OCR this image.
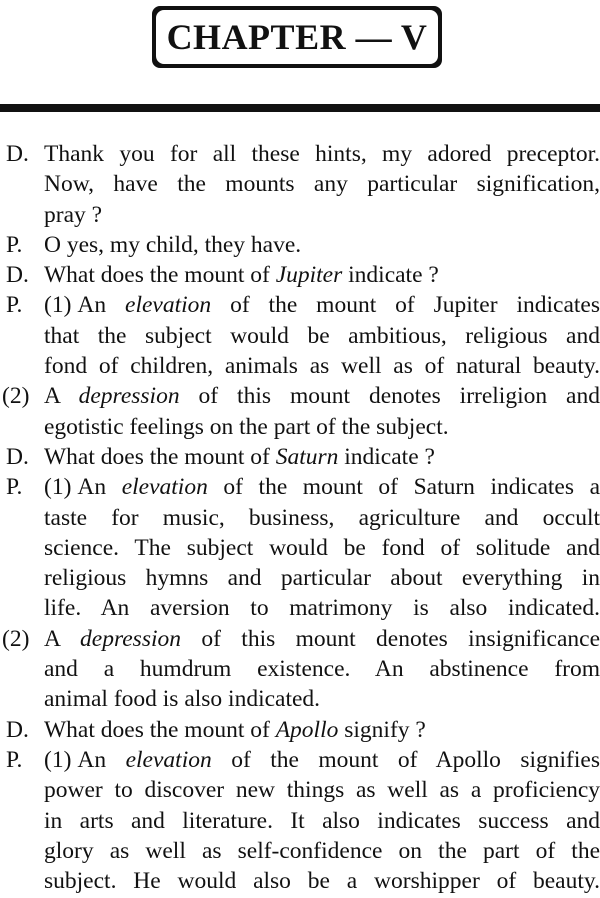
CHAPTER — V
D. Thank you for all these hints, my adored preceptor.
Now, have the mounts any particular signification,
pray ?
P. O yes, my child, they have.
D. What does the mount of Jupiter indicate ?
P. (1) An elevation of the mount of Jupiter indicates
that the subject would be ambitious, religious and
fond of children, animals as well as of natural beauty.
(2) A depression of this mount denotes irreligion and
egotistic feelings on the part of the subject.
D. What does the mount of Saturn indicate ?
P. (1) An elevation of the mount of Saturn indicates a
taste for music, business, agriculture and occult
science. The subject would be fond of solitude and
religious hymns and particular about everything in
life. An aversion to matrimony is also indicated.
(2) A depression of this mount denotes insignificance
and a humdrum existence. An abstinence from
animal food is also indicated.
D. What does the mount of Apollo signify ?
P. (1) An elevation of the mount of Apollo signifies
power to discover new things as well as a proficiency
in arts and literature. It also indicates success and
glory as well as self-confidence on the part of the
subject. He would also be a worshipper of beauty.
